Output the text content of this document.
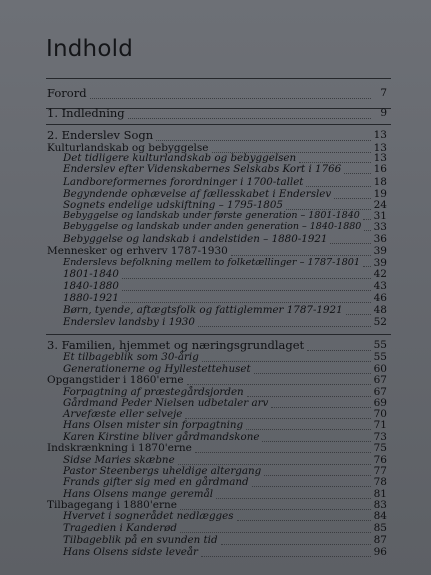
Indhold
Forord	7
1. Indledning	9
2. Enderslev Sogn	13
Kulturlandskab og bebyggelse	13
Det tidligere kulturlandskab og bebyggelsen	13
Enderslev efter Videnskabernes Selskabs Kort i 1766	16
Landboreformernes forordninger i 1700-tallet	18
Begyndende ophævelse af fællesskabet i Enderslev	19
Sognets endelige udskiftning – 1795-1805	24
Bebyggelse og landskab under første generation – 1801-1840 31
Bebyggelse og landskab under anden generation – 1840-1880 33
Bebyggelse og landskab i andelstiden – 1880-1921	36
Mennesker og erhverv 1787-1930	39
Enderslevs befolkning mellem to folketællinger – 1787-1801 39
1801-1840	42
1840-1880	43
1880-1921	46
Børn, tyende, aftægtsfolk og fattiglemmer 1787-1921	48
Enderslev landsby i 1930	52
3. Familien, hjemmet og næringsgrundlaget	55
Et tilbageblik som 30-årig	55
Generationerne og Hyllestettehuset	60
Opgangstider i 1860'erne	67
Forpagtning af præstegårdsjorden	67
Gårdmand Peder Nielsen udbetaler arv	69
Arvefæste eller selveje	70
Hans Olsen mister sin forpagtning	71
Karen Kirstine bliver gårdmandskone	73
Indskrænkning i 1870'erne	75
Sidse Maries skæbne	76
Pastor Steenbergs uheldige altergang	77
Frands gifter sig med en gårdmand	78
Hans Olsens mange geremål	81
Tilbagegang i 1880'erne	83
Hvervet i sognerådet nedlægges	84
Tragedien i Kanderød	85
Tilbageblik på en svunden tid	87
Hans Olsens sidste leveår	96
